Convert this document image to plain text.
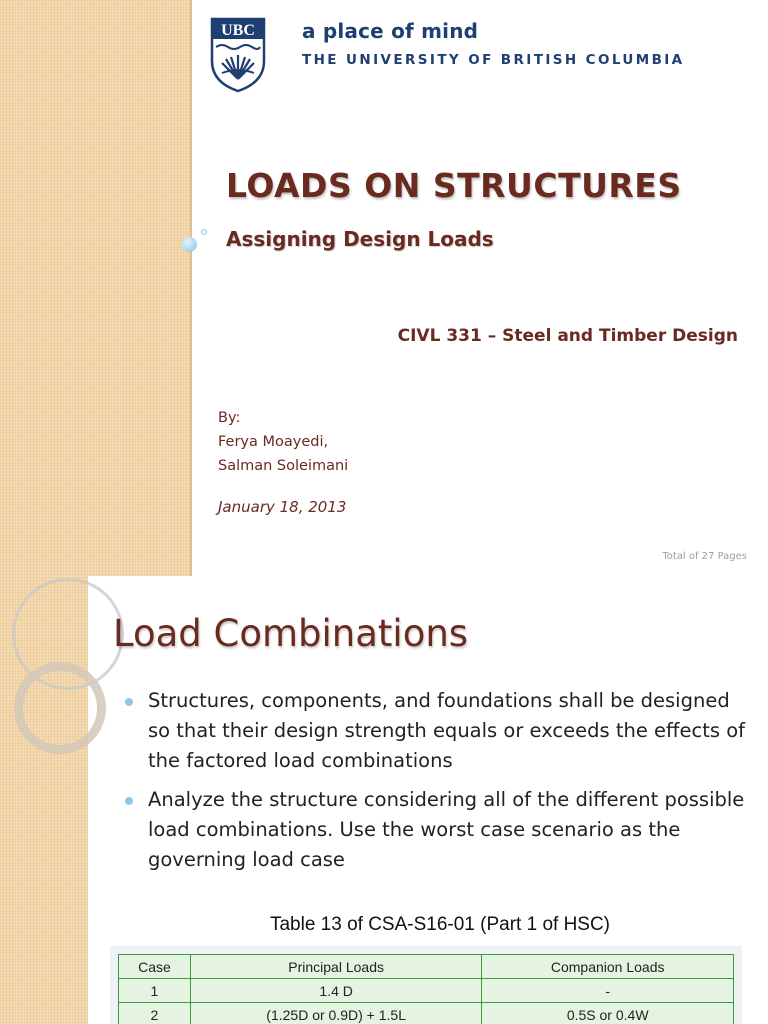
UBC a place of mind
THE UNIVERSITY OF BRITISH COLUMBIA
LOADS ON STRUCTURES
Assigning Design Loads
CIVL 331 – Steel and Timber Design
By:
Ferya Moayedi,
Salman Soleimani
January 18, 2013
Total of 27 Pages
Load Combinations
Structures, components, and foundations shall be designed so that their design strength equals or exceeds the effects of the factored load combinations
Analyze the structure considering all of the different possible load combinations. Use the worst case scenario as the governing load case
Table 13 of CSA-S16-01 (Part 1 of HSC)
Case	Principal Loads	Companion Loads
1	1.4 D	-
2	(1.25D or 0.9D) + 1.5L	0.5S or 0.4W
